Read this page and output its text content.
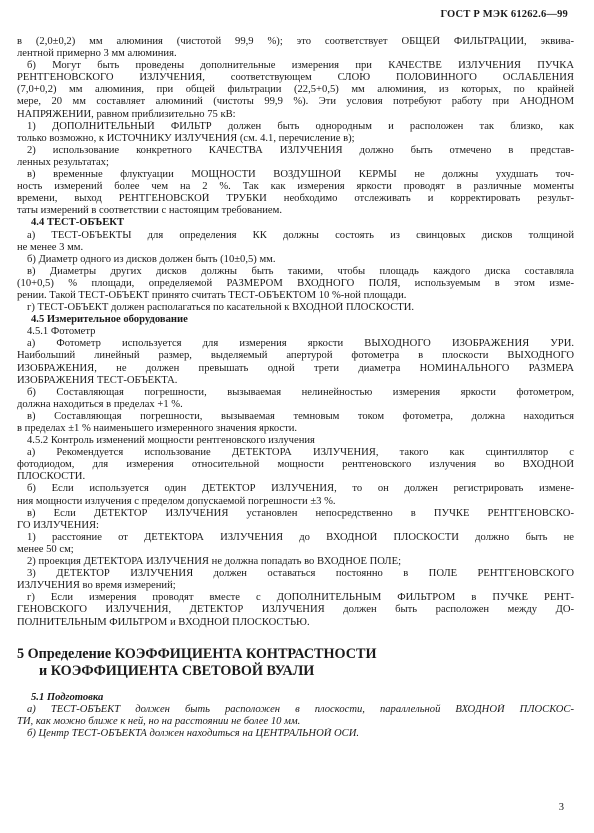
ГОСТ Р МЭК 61262.6—99
в (2,0±0,2) мм алюминия (чистотой 99,9 %); это соответствует ОБЩЕЙ ФИЛЬТРАЦИИ, эквива-
лентной примерно 3 мм алюминия.
б) Могут быть проведены дополнительные измерения при КАЧЕСТВЕ ИЗЛУЧЕНИЯ ПУЧКА
РЕНТГЕНОВСКОГО ИЗЛУЧЕНИЯ, соответствующем СЛОЮ ПОЛОВИННОГО ОСЛАБЛЕНИЯ
(7,0+0,2) мм алюминия, при общей фильтрации (22,5+0,5) мм алюминия, из которых, по крайней
мере, 20 мм составляет алюминий (чистоты 99,9 %). Эти условия потребуют работу при АНОДНОМ
НАПРЯЖЕНИИ, равном приблизительно 75 кВ:
1) ДОПОЛНИТЕЛЬНЫЙ ФИЛЬТР должен быть однородным и расположен так близко, как
только возможно, к ИСТОЧНИКУ ИЗЛУЧЕНИЯ (см. 4.1, перечисление в);
2) использование конкретного КАЧЕСТВА ИЗЛУЧЕНИЯ должно быть отмечено в представ-
ленных результатах;
в) временные флуктуации МОЩНОСТИ ВОЗДУШНОЙ КЕРМЫ не должны ухудшать точ-
ность измерений более чем на 2 %. Так как измерения яркости проводят в различные моменты
времени, выход РЕНТГЕНОВСКОЙ ТРУБКИ необходимо отслеживать и корректировать результ-
таты измерений в соответствии с настоящим требованием.
4.4 ТЕСТ-ОБЪЕКТ
а) ТЕСТ-ОБЪЕКТЫ для определения КК должны состоять из свинцовых дисков толщиной
не менее 3 мм.
б) Диаметр одного из дисков должен быть (10±0,5) мм.
в) Диаметры других дисков должны быть такими, чтобы площадь каждого диска составляла
(10+0,5) % площади, определяемой РАЗМЕРОМ ВХОДНОГО ПОЛЯ, используемым в этом изме-
рении. Такой ТЕСТ-ОБЪЕКТ принято считать ТЕСТ-ОБЪЕКТОМ 10 %-ной площади.
г) ТЕСТ-ОБЪЕКТ должен располагаться по касательной к ВХОДНОЙ ПЛОСКОСТИ.
4.5 Измерительное оборудование
4.5.1 Фотометр
а) Фотометр используется для измерения яркости ВЫХОДНОГО ИЗОБРАЖЕНИЯ УРИ.
Наибольший линейный размер, выделяемый апертурой фотометра в плоскости ВЫХОДНОГО
ИЗОБРАЖЕНИЯ, не должен превышать одной трети диаметра НОМИНАЛЬНОГО РАЗМЕРА
ИЗОБРАЖЕНИЯ ТЕСТ-ОБЪЕКТА.
б) Составляющая погрешности, вызываемая нелинейностью измерения яркости фотометром,
должна находиться в пределах +1 %.
в) Составляющая погрешности, вызываемая темновым током фотометра, должна находиться
в пределах ±1 % наименьшего измеренного значения яркости.
4.5.2 Контроль изменений мощности рентгеновского излучения
а) Рекомендуется использование ДЕТЕКТОРА ИЗЛУЧЕНИЯ, такого как сцинтиллятор с
фотодиодом, для измерения относительной мощности рентгеновского излучения во ВХОДНОЙ
ПЛОСКОСТИ.
б) Если используется один ДЕТЕКТОР ИЗЛУЧЕНИЯ, то он должен регистрировать измене-
ния мощности излучения с пределом допускаемой погрешности ±3 %.
в) Если ДЕТЕКТОР ИЗЛУЧЕНИЯ установлен непосредственно в ПУЧКЕ РЕНТГЕНОВСКО-
ГО ИЗЛУЧЕНИЯ:
1) расстояние от ДЕТЕКТОРА ИЗЛУЧЕНИЯ до ВХОДНОЙ ПЛОСКОСТИ должно быть не
менее 50 см;
2) проекция ДЕТЕКТОРА ИЗЛУЧЕНИЯ не должна попадать во ВХОДНОЕ ПОЛЕ;
3) ДЕТЕКТОР ИЗЛУЧЕНИЯ должен оставаться постоянно в ПОЛЕ РЕНТГЕНОВСКОГО
ИЗЛУЧЕНИЯ во время измерений;
г) Если измерения проводят вместе с ДОПОЛНИТЕЛЬНЫМ ФИЛЬТРОМ в ПУЧКЕ РЕНТ-
ГЕНОВСКОГО ИЗЛУЧЕНИЯ, ДЕТЕКТОР ИЗЛУЧЕНИЯ должен быть расположен между ДО-
ПОЛНИТЕЛЬНЫМ ФИЛЬТРОМ и ВХОДНОЙ ПЛОСКОСТЬЮ.
5 Определение КОЭФФИЦИЕНТА КОНТРАСТНОСТИ
и КОЭФФИЦИЕНТА СВЕТОВОЙ ВУАЛИ
5.1 Подготовка
а) ТЕСТ-ОБЪЕКТ должен быть расположен в плоскости, параллельной ВХОДНОЙ ПЛОСКОС-
ТИ, как можно ближе к ней, но на расстоянии не более 10 мм.
б) Центр ТЕСТ-ОБЪЕКТА должен находиться на ЦЕНТРАЛЬНОЙ ОСИ.
3
